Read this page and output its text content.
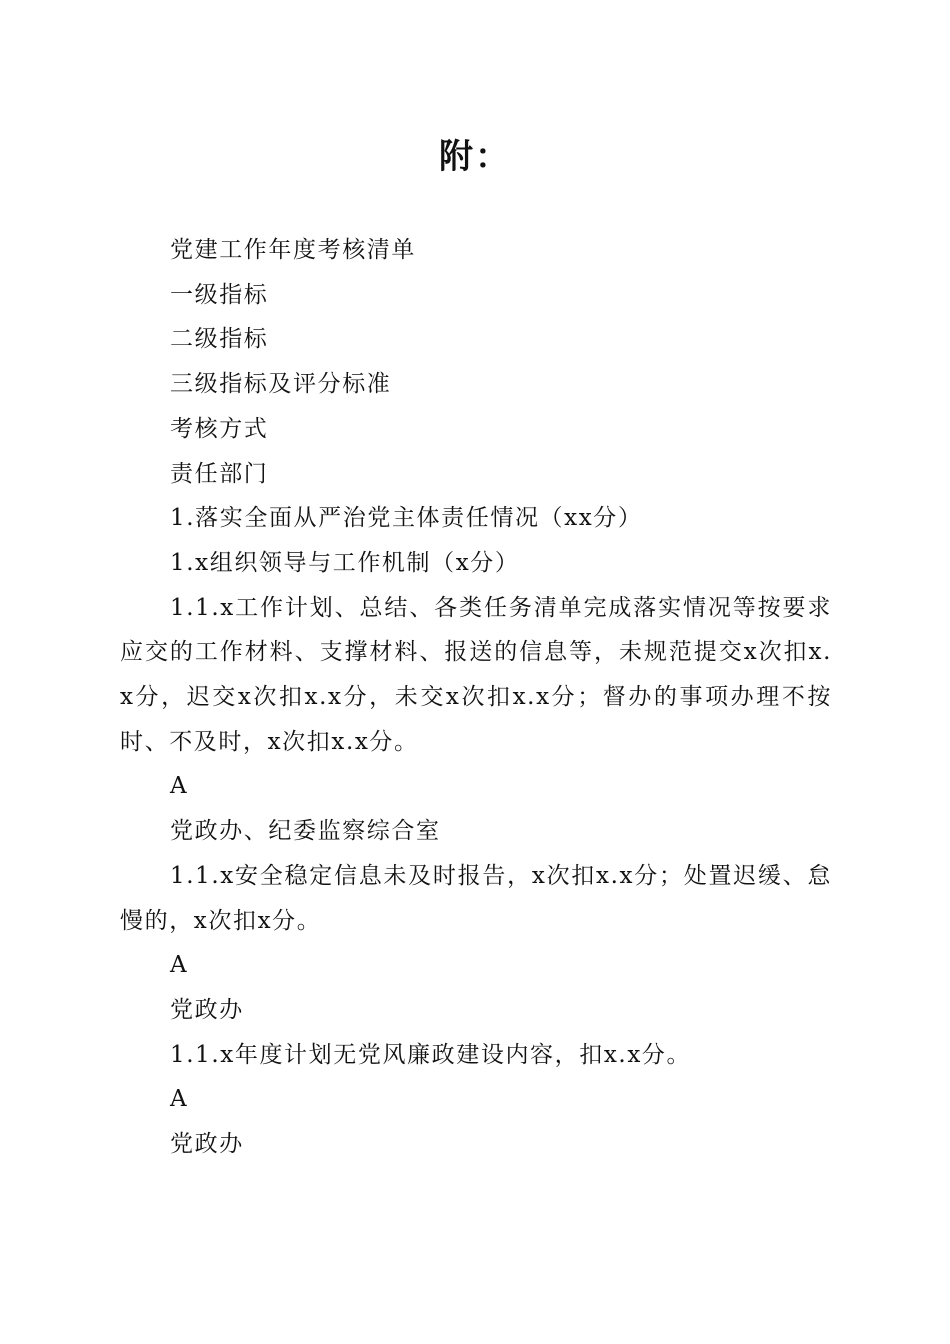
附：

党建工作年度考核清单

一级指标

二级指标

三级指标及评分标准

考核方式

责任部门

1.落实全面从严治党主体责任情况（xx分）

1.x组织领导与工作机制（x分）

1.1.x工作计划、总结、各类任务清单完成落实情况等按要求应交的工作材料、支撑材料、报送的信息等，未规范提交x次扣x.x分，迟交x次扣x.x分，未交x次扣x.x分；督办的事项办理不按时、不及时，x次扣x.x分。

A

党政办、纪委监察综合室

1.1.x安全稳定信息未及时报告，x次扣x.x分；处置迟缓、怠慢的，x次扣x分。

A

党政办

1.1.x年度计划无党风廉政建设内容，扣x.x分。

A

党政办
